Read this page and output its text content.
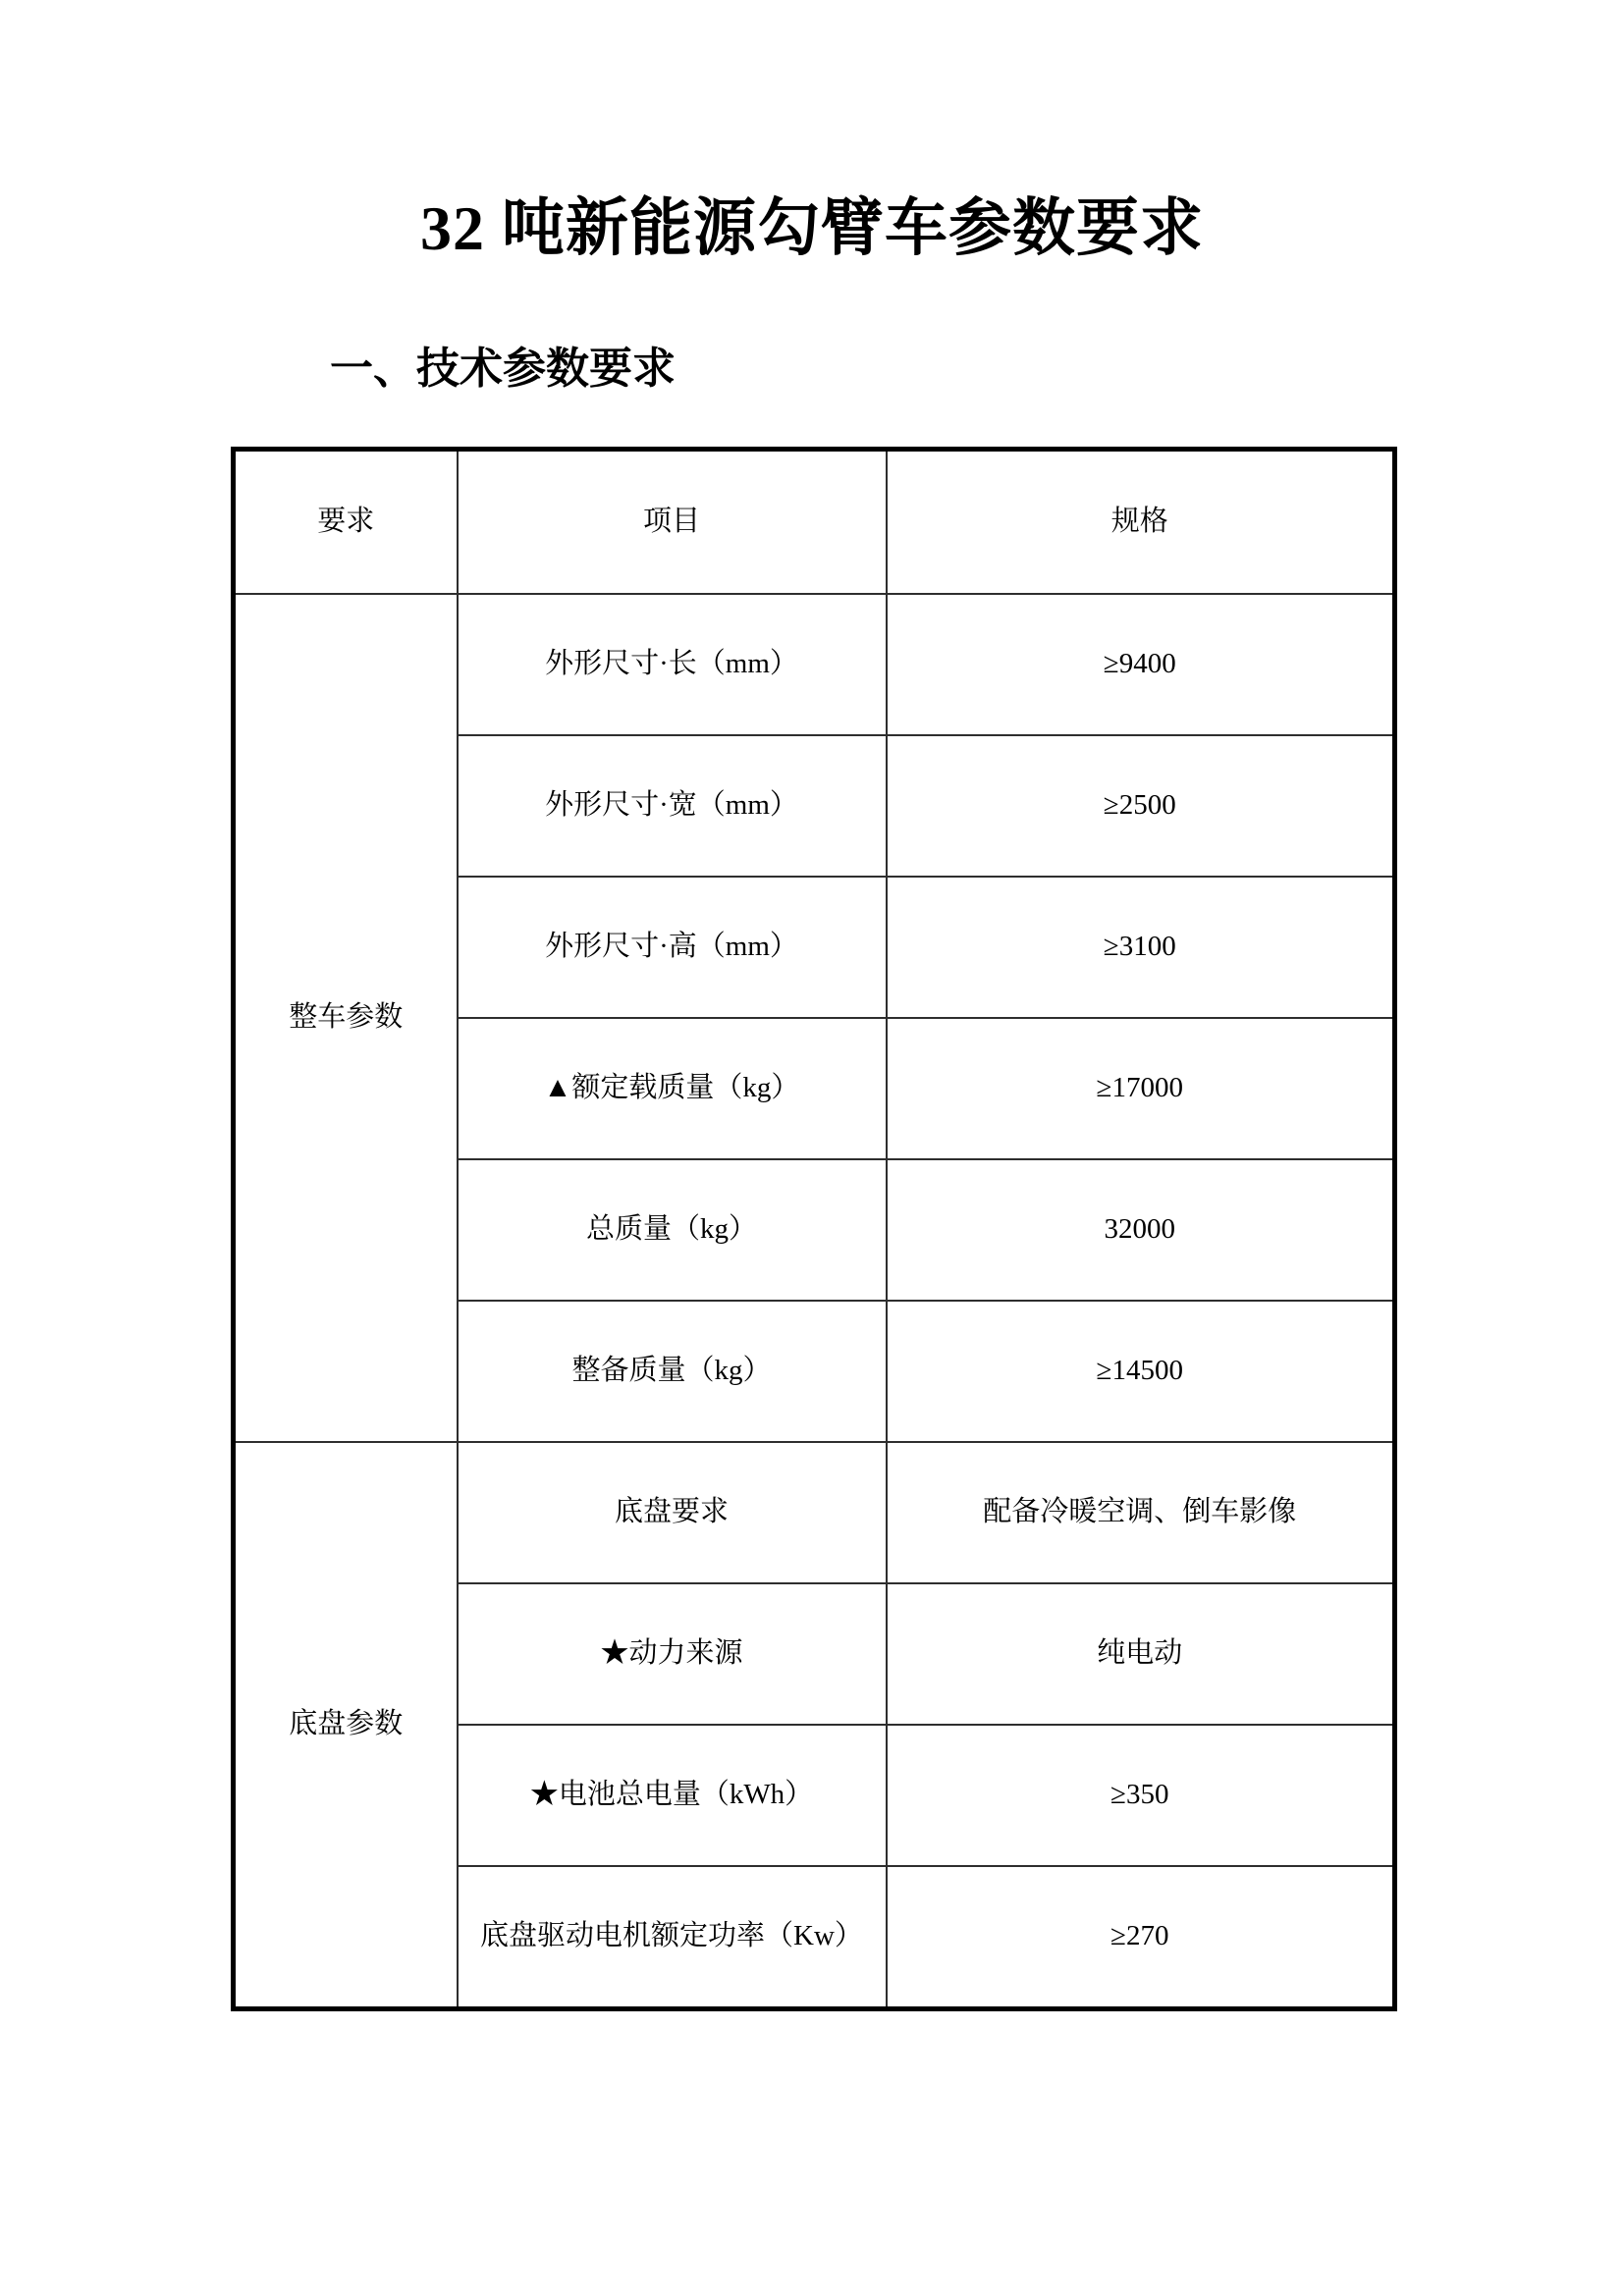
32 吨新能源勾臂车参数要求
一、技术参数要求
要求	项目	规格
整车参数	外形尺寸·长（mm）	≥9400
	外形尺寸·宽（mm）	≥2500
	外形尺寸·高（mm）	≥3100
	▲额定载质量（kg）	≥17000
	总质量（kg）	32000
	整备质量（kg）	≥14500
底盘参数	底盘要求	配备冷暖空调、倒车影像
	★动力来源	纯电动
	★电池总电量（kWh）	≥350
	底盘驱动电机额定功率（Kw）	≥270
